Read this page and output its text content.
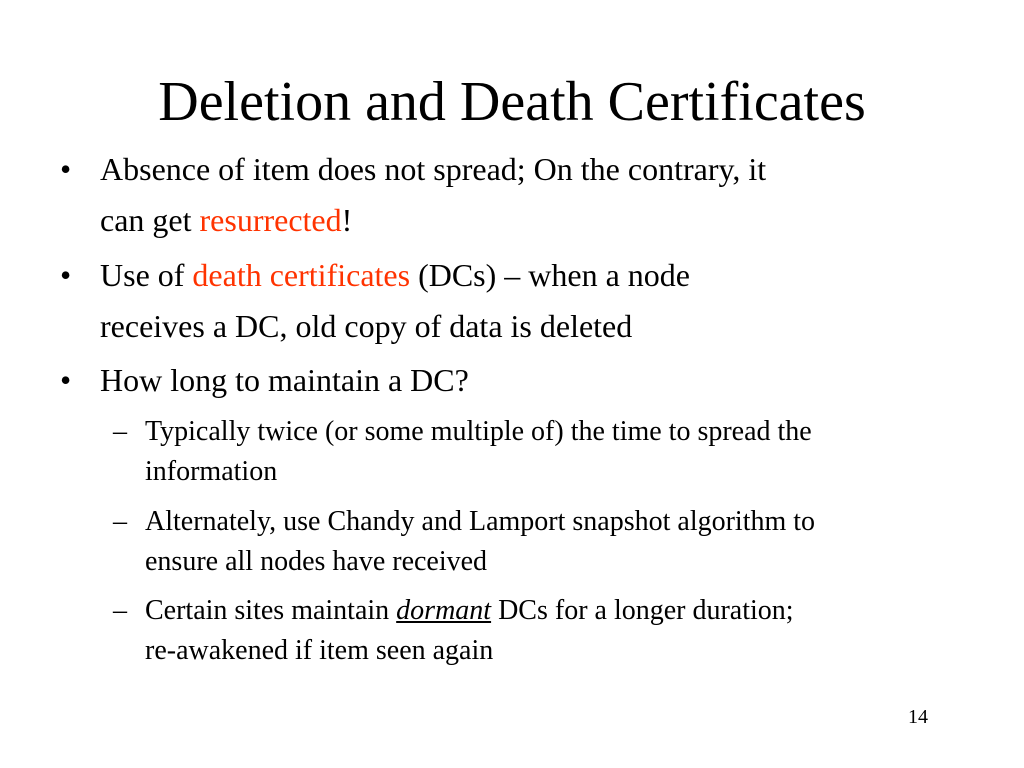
Deletion and Death Certificates
• Absence of item does not spread; On the contrary, it
can get resurrected!
• Use of death certificates (DCs) – when a node
receives a DC, old copy of data is deleted
• How long to maintain a DC?
– Typically twice (or some multiple of) the time to spread the
information
– Alternately, use Chandy and Lamport snapshot algorithm to
ensure all nodes have received
– Certain sites maintain dormant DCs for a longer duration;
re-awakened if item seen again
14
